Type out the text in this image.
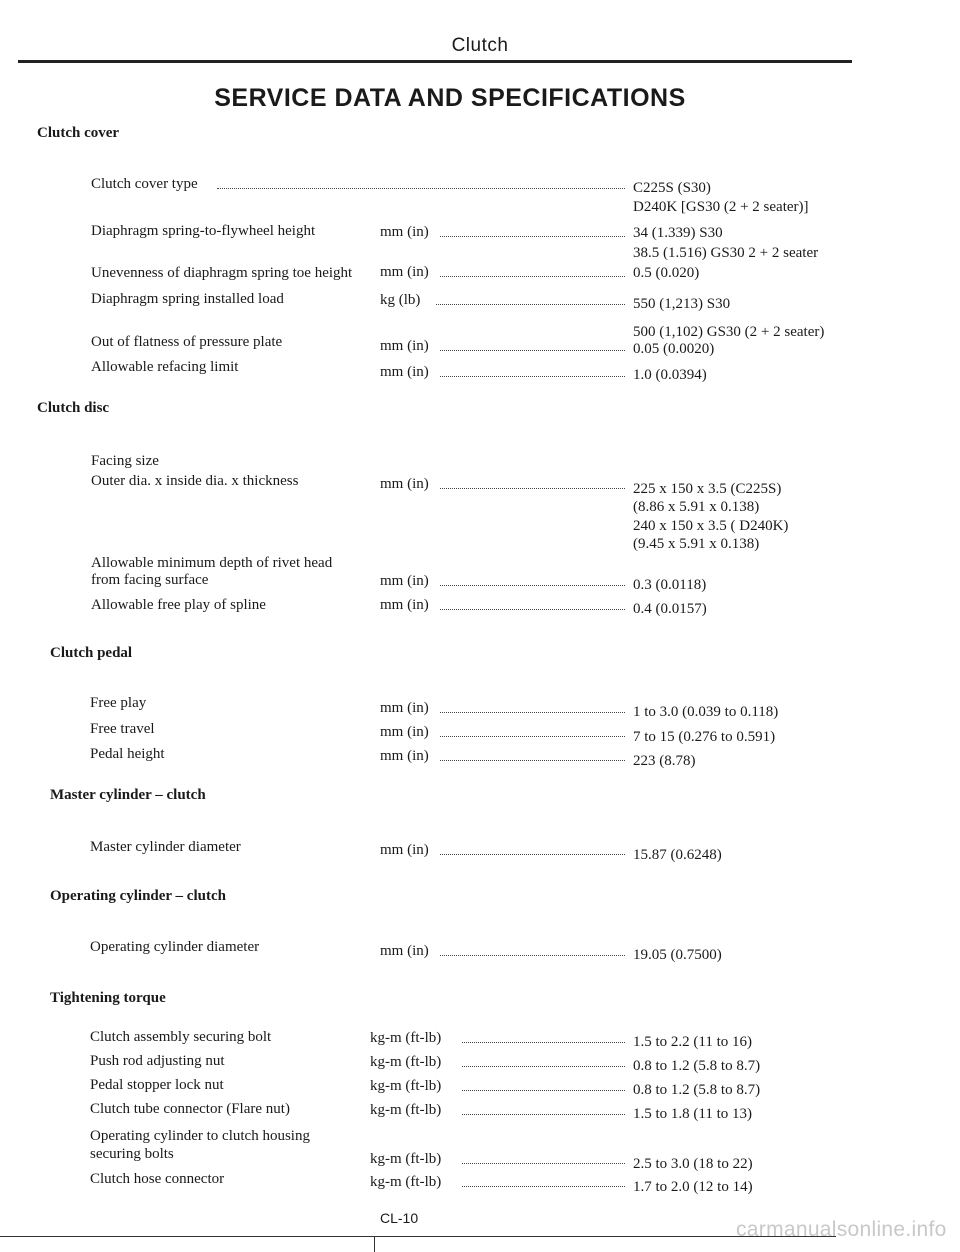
Clutch
SERVICE DATA AND SPECIFICATIONS
Clutch cover
Clutch cover type	C225S (S30)
D240K [GS30 (2 + 2 seater)]
Diaphragm spring-to-flywheel height	mm (in)	34 (1.339) S30
38.5 (1.516) GS30 2 + 2 seater
Unevenness of diaphragm spring toe height mm (in)	0.5 (0.020)
Diaphragm spring installed load	kg (lb)	550 (1,213) S30
500 (1,102) GS30 (2 + 2 seater)
Out of flatness of pressure plate	mm (in)	0.05 (0.0020)
Allowable refacing limit	mm (in)	1.0 (0.0394)
Clutch disc
Facing size
Outer dia. x inside dia. x thickness	mm (in)	225 x 150 x 3.5 (C225S)
(8.86 x 5.91 x 0.138)
240 x 150 x 3.5 ( D240K)
(9.45 x 5.91 x 0.138)
Allowable minimum depth of rivet head
from facing surface	mm (in)	0.3 (0.0118)
Allowable free play of spline	mm (in)	0.4 (0.0157)
Clutch pedal
Free play	mm (in)	1 to 3.0 (0.039 to 0.118)
Free travel	mm (in)	7 to 15 (0.276 to 0.591)
Pedal height	mm (in)	223 (8.78)
Master cylinder – clutch
Master cylinder diameter	mm (in)	15.87 (0.6248)
Operating cylinder – clutch
Operating cylinder diameter	mm (in)	19.05 (0.7500)
Tightening torque
Clutch assembly securing bolt	kg-m (ft-lb)	1.5 to 2.2 (11 to 16)
Push rod adjusting nut	kg-m (ft-lb)	0.8 to 1.2 (5.8 to 8.7)
Pedal stopper lock nut	kg-m (ft-lb)	0.8 to 1.2 (5.8 to 8.7)
Clutch tube connector (Flare nut)	kg-m (ft-lb)	1.5 to 1.8 (11 to 13)
Operating cylinder to clutch housing
securing bolts	kg-m (ft-lb)	2.5 to 3.0 (18 to 22)
Clutch hose connector	kg-m (ft-lb)	1.7 to 2.0 (12 to 14)
CL-10	carmanualsonline.info
